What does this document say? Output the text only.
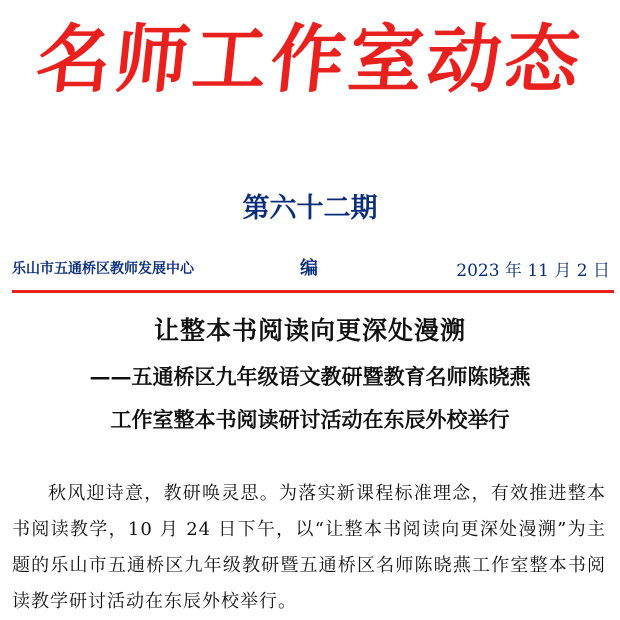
名师工作室动态
第六十二期
乐山市五通桥区教师发展中心	编	2023 年 11 月 2 日
让整本书阅读向更深处漫溯
——五通桥区九年级语文教研暨教育名师陈晓燕
工作室整本书阅读研讨活动在东辰外校举行
秋风迎诗意，教研唤灵思。为落实新课程标准理念，有效推进整本书阅读教学，10 月 24 日下午，以“让整本书阅读向更深处漫溯”为主题的乐山市五通桥区九年级教研暨五通桥区名师陈晓燕工作室整本书阅读教学研讨活动在东辰外校举行。
